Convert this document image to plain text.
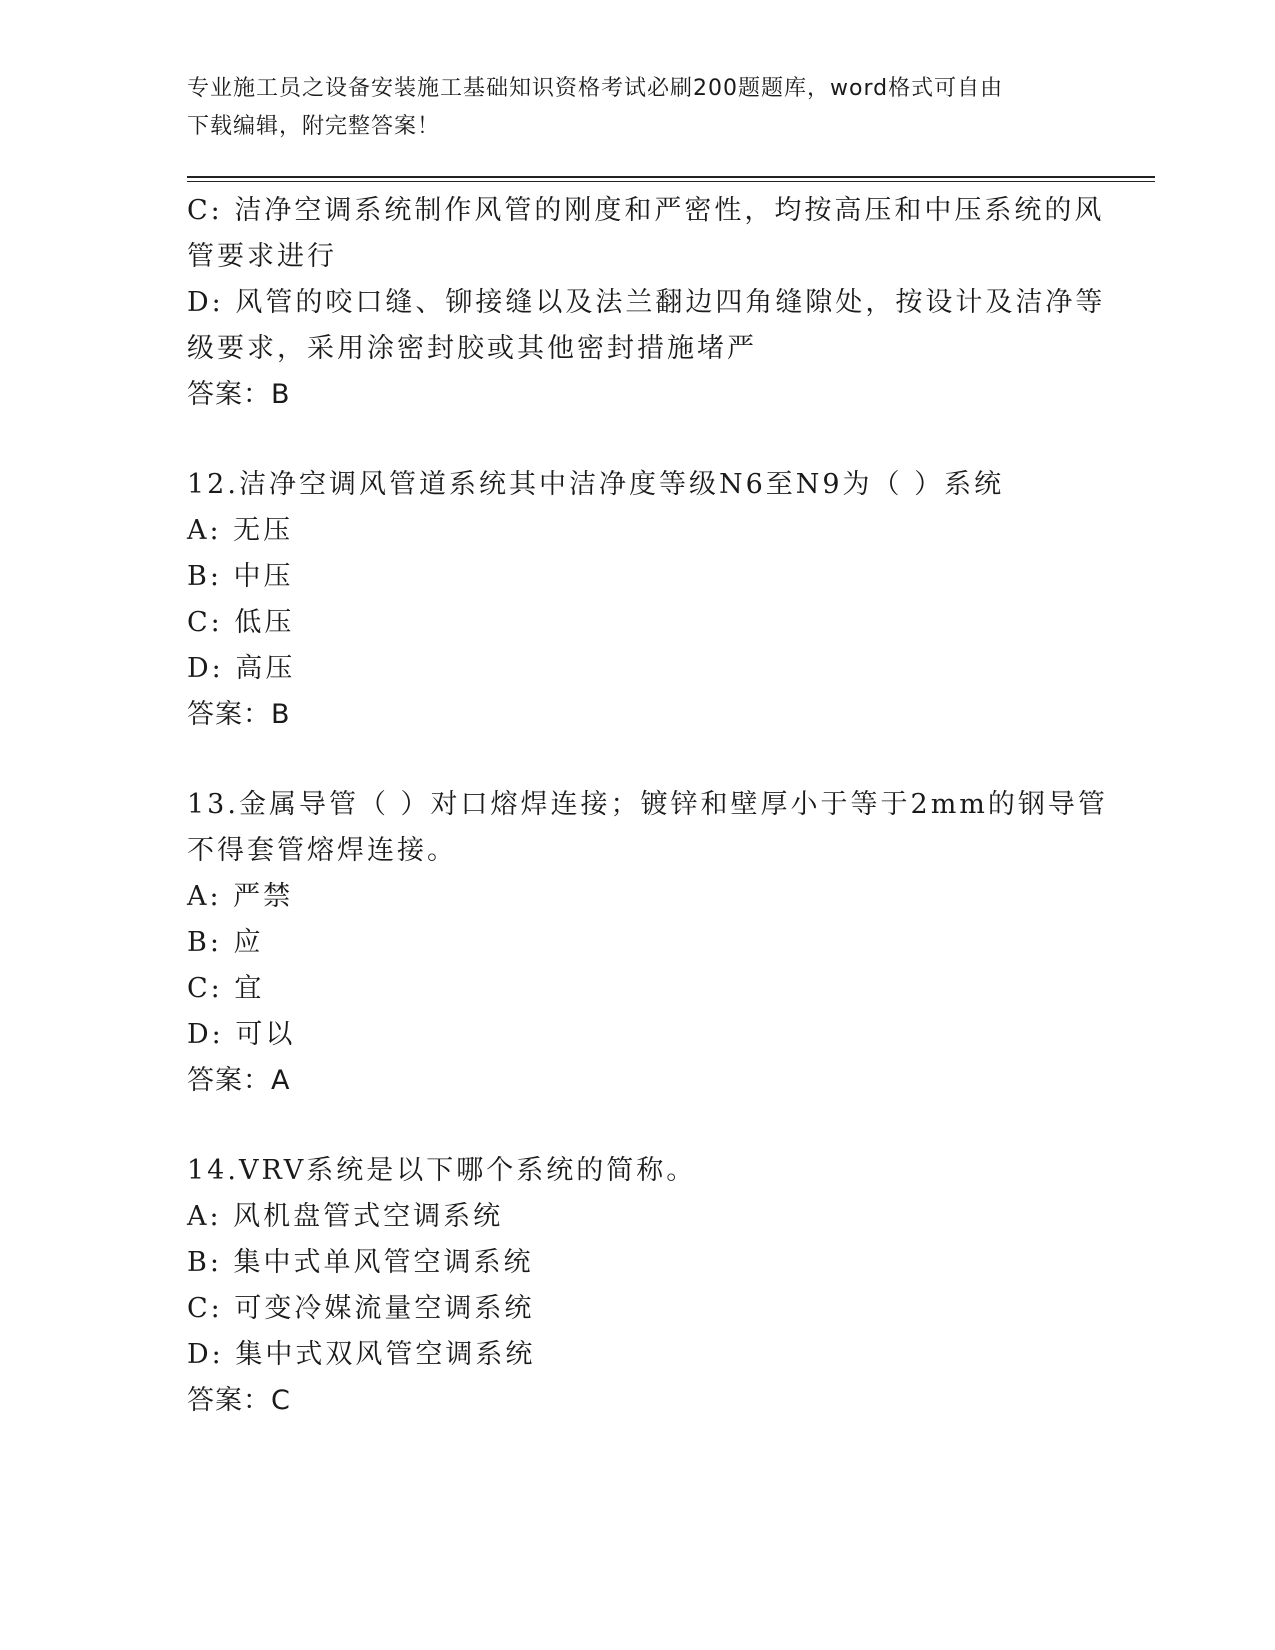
专业施工员之设备安装施工基础知识资格考试必刷200题题库，word格式可自由
下载编辑，附完整答案！
C: 洁净空调系统制作风管的刚度和严密性，均按高压和中压系统的风
管要求进行
D: 风管的咬口缝、铆接缝以及法兰翻边四角缝隙处，按设计及洁净等
级要求，采用涂密封胶或其他密封措施堵严
答案：B
12.洁净空调风管道系统其中洁净度等级N6至N9为（ ）系统
A: 无压
B: 中压
C: 低压
D: 高压
答案：B
13.金属导管（ ）对口熔焊连接；镀锌和壁厚小于等于2mm的钢导管
不得套管熔焊连接。
A: 严禁
B: 应
C: 宜
D: 可以
答案：A
14.VRV系统是以下哪个系统的简称。
A: 风机盘管式空调系统
B: 集中式单风管空调系统
C: 可变冷媒流量空调系统
D: 集中式双风管空调系统
答案：C
